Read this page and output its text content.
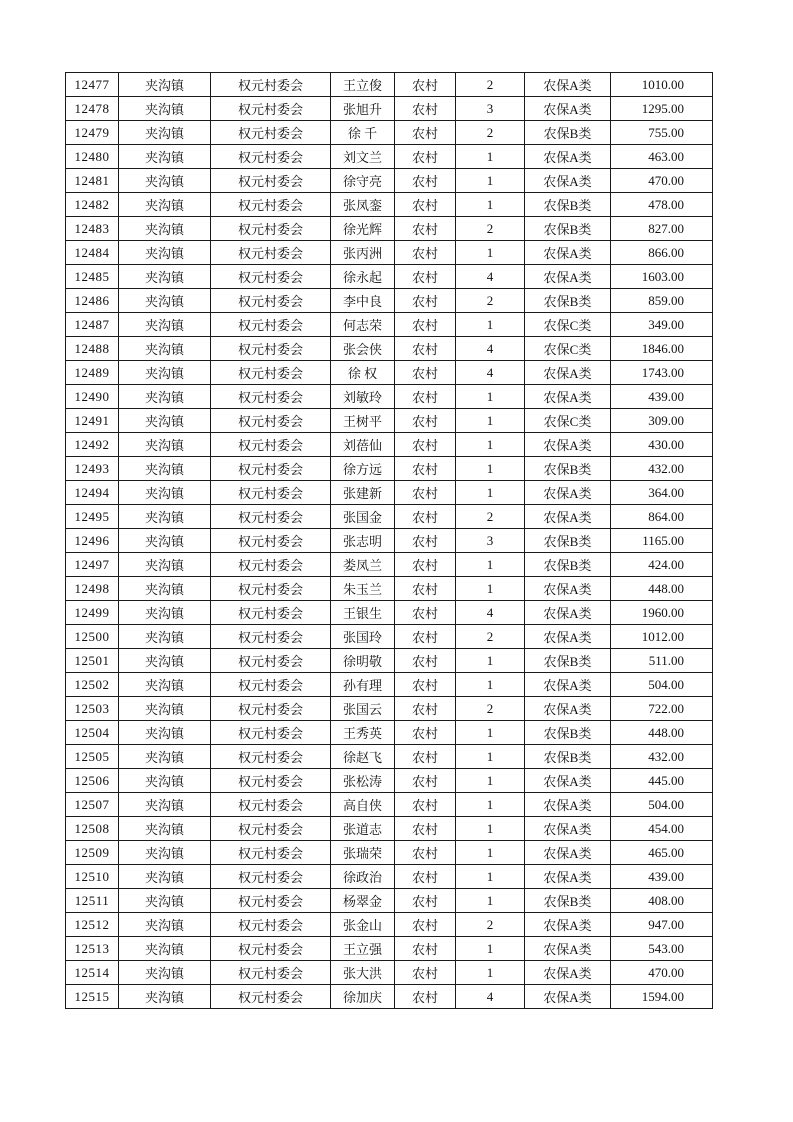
12477	夹沟镇	权元村委会	王立俊	农村	2	农保A类	1010.00
12478	夹沟镇	权元村委会	张旭升	农村	3	农保A类	1295.00
12479	夹沟镇	权元村委会	徐 千	农村	2	农保B类	755.00
12480	夹沟镇	权元村委会	刘文兰	农村	1	农保A类	463.00
12481	夹沟镇	权元村委会	徐守亮	农村	1	农保A类	470.00
12482	夹沟镇	权元村委会	张凤銮	农村	1	农保B类	478.00
12483	夹沟镇	权元村委会	徐光辉	农村	2	农保B类	827.00
12484	夹沟镇	权元村委会	张丙洲	农村	1	农保A类	866.00
12485	夹沟镇	权元村委会	徐永起	农村	4	农保A类	1603.00
12486	夹沟镇	权元村委会	李中良	农村	2	农保B类	859.00
12487	夹沟镇	权元村委会	何志荣	农村	1	农保C类	349.00
12488	夹沟镇	权元村委会	张会侠	农村	4	农保C类	1846.00
12489	夹沟镇	权元村委会	徐 权	农村	4	农保A类	1743.00
12490	夹沟镇	权元村委会	刘敏玲	农村	1	农保A类	439.00
12491	夹沟镇	权元村委会	王树平	农村	1	农保C类	309.00
12492	夹沟镇	权元村委会	刘蓓仙	农村	1	农保A类	430.00
12493	夹沟镇	权元村委会	徐方远	农村	1	农保B类	432.00
12494	夹沟镇	权元村委会	张建新	农村	1	农保A类	364.00
12495	夹沟镇	权元村委会	张国金	农村	2	农保A类	864.00
12496	夹沟镇	权元村委会	张志明	农村	3	农保B类	1165.00
12497	夹沟镇	权元村委会	娄凤兰	农村	1	农保B类	424.00
12498	夹沟镇	权元村委会	朱玉兰	农村	1	农保A类	448.00
12499	夹沟镇	权元村委会	王银生	农村	4	农保A类	1960.00
12500	夹沟镇	权元村委会	张国玲	农村	2	农保A类	1012.00
12501	夹沟镇	权元村委会	徐明敬	农村	1	农保B类	511.00
12502	夹沟镇	权元村委会	孙有理	农村	1	农保A类	504.00
12503	夹沟镇	权元村委会	张国云	农村	2	农保A类	722.00
12504	夹沟镇	权元村委会	王秀英	农村	1	农保B类	448.00
12505	夹沟镇	权元村委会	徐赵飞	农村	1	农保B类	432.00
12506	夹沟镇	权元村委会	张松涛	农村	1	农保A类	445.00
12507	夹沟镇	权元村委会	高自侠	农村	1	农保A类	504.00
12508	夹沟镇	权元村委会	张道志	农村	1	农保A类	454.00
12509	夹沟镇	权元村委会	张瑞荣	农村	1	农保A类	465.00
12510	夹沟镇	权元村委会	徐政治	农村	1	农保A类	439.00
12511	夹沟镇	权元村委会	杨翠金	农村	1	农保B类	408.00
12512	夹沟镇	权元村委会	张金山	农村	2	农保A类	947.00
12513	夹沟镇	权元村委会	王立强	农村	1	农保A类	543.00
12514	夹沟镇	权元村委会	张大洪	农村	1	农保A类	470.00
12515	夹沟镇	权元村委会	徐加庆	农村	4	农保A类	1594.00
